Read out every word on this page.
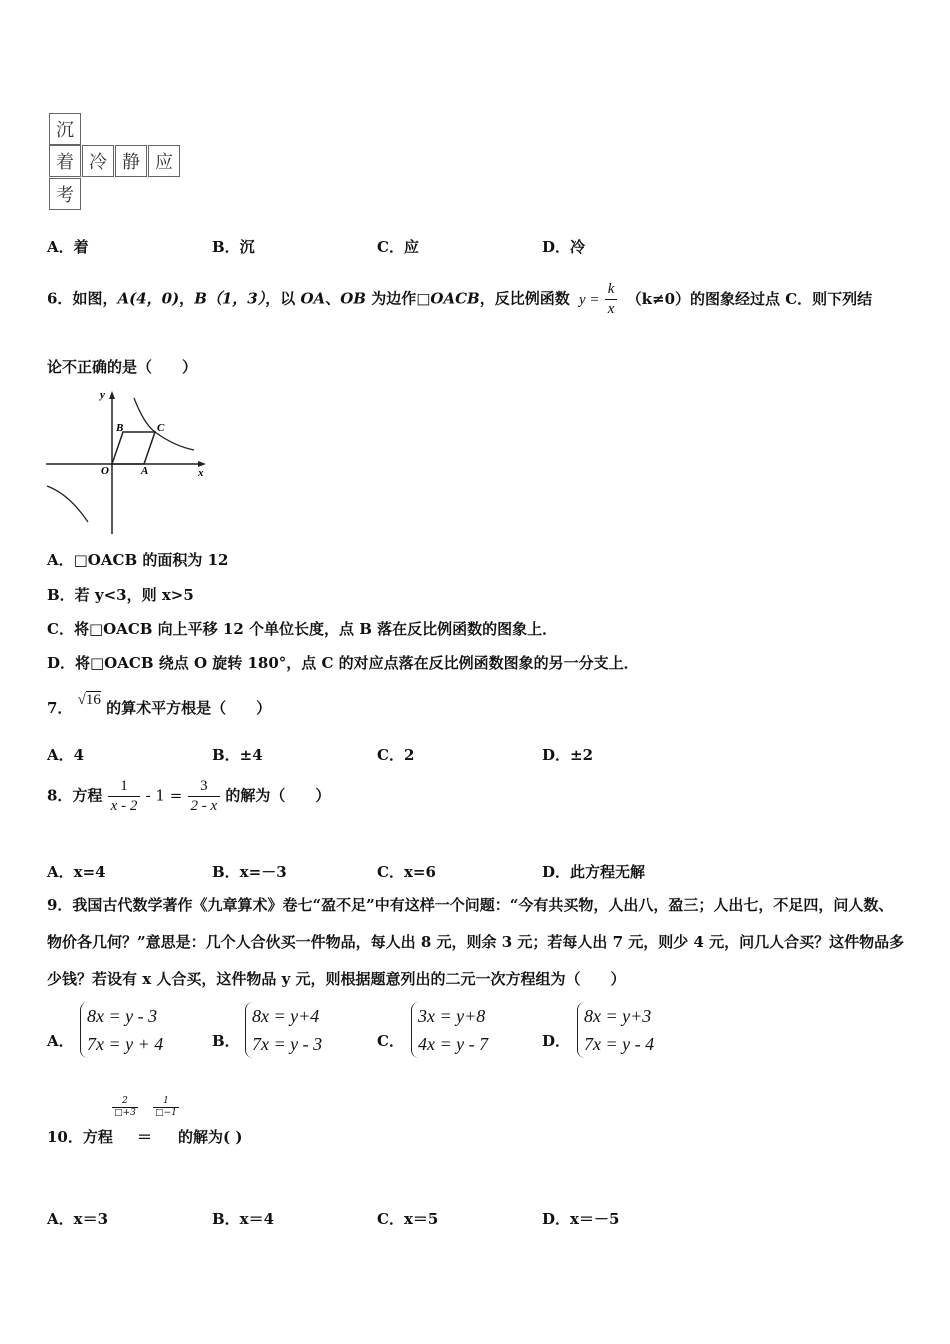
沉
着 冷 静 应
考
A．着	B．沉	C．应	D．冷
6．如图，A(4，0)，B（1，3），以 OA、OB 为边作□OACB，反比例函数 $y = \frac{k}{x} (k\ne 0)$的图象经过点 C．则下列结
论不正确的是（　　）
y
x
O	A
B	C
A．□OACB 的面积为 12
B．若 y<3，则 x>5
C．将□OACB 向上平移 12 个单位长度，点 B 落在反比例函数的图象上．
D．将□OACB 绕点 O 旋转 180°，点 C 的对应点落在反比例函数图象的另一分支上．
7． √16 的算术平方根是（　　）
A．4	B．±4	C．2	D．±2
8．方程 $\frac{1}{x - 2} - 1 = \frac{3}{2 - x}$ 的解为（　　）
A．x=4	B．x=－3	C．x=6	D．此方程无解
9．我国古代数学著作《九章算术》卷七“盈不足”中有这样一个问题：“今有共买物，人出八，盈三；人出七，不足四，问人数、物价各几何？”意思是：几个人合伙买一件物品，每人出 8 元，则余 3 元；若每人出 7 元，则少 4 元，问几人合买？这件物品多少钱？若设有 x 人合买，这件物品 y 元，则根据题意列出的二元一次方程组为（　　）
A．
8x = y - 3
7x = y + 4	B．
8x = y+4
7x = y - 3	C．
3x = y+8
4x = y - 7	D．
8x = y+3
7x = y - 4
$\frac{2}{□+3} \frac{1}{□-1}$
10．方程 ＝ 的解为( )
A．x＝3	B．x＝4	C．x＝5	D．x＝－5
